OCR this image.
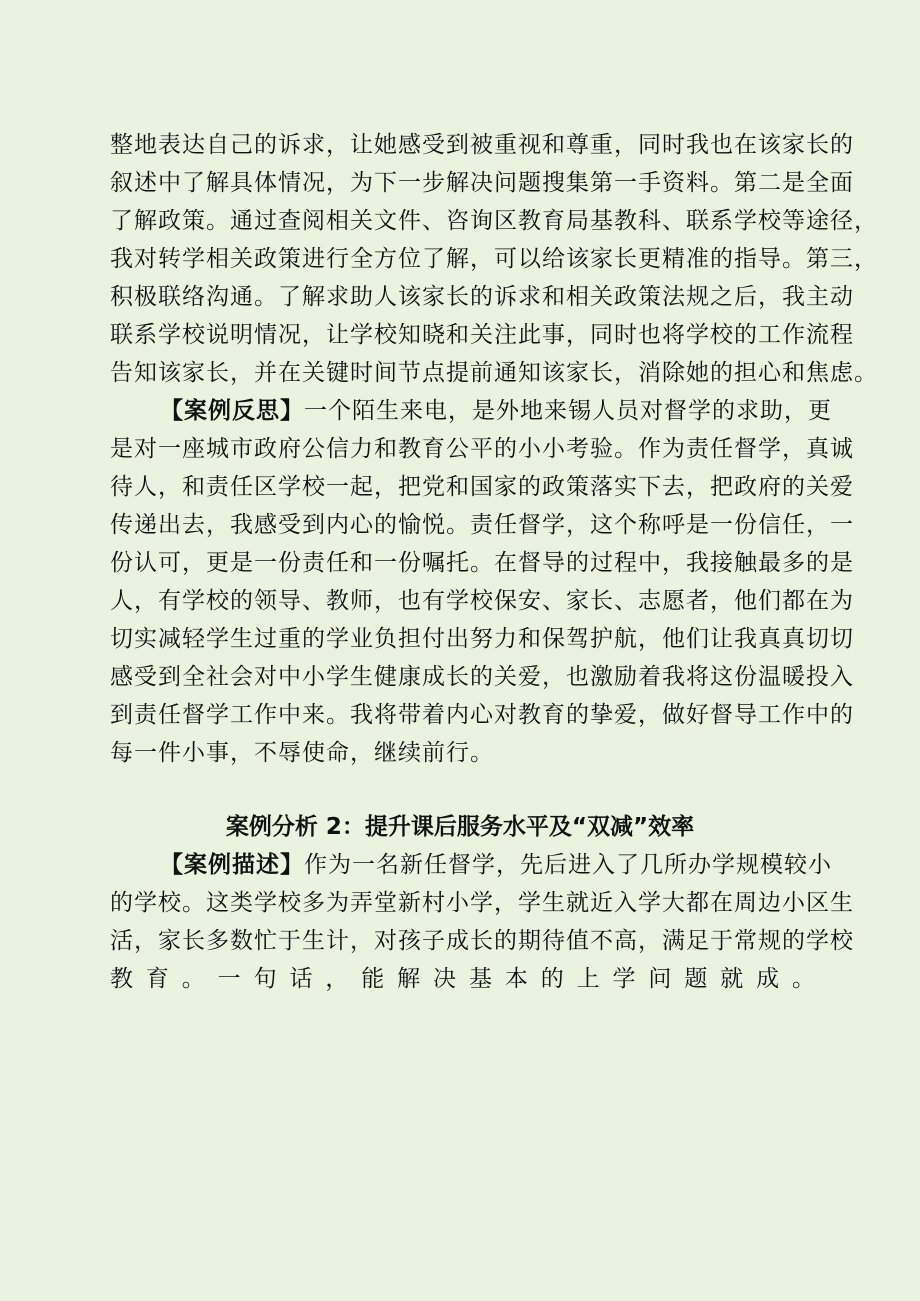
整地表达自己的诉求，让她感受到被重视和尊重，同时我也在该家长的
叙述中了解具体情况，为下一步解决问题搜集第一手资料。第二是全面
了解政策。通过查阅相关文件、咨询区教育局基教科、联系学校等途径，
我对转学相关政策进行全方位了解，可以给该家长更精准的指导。第三，
积极联络沟通。了解求助人该家长的诉求和相关政策法规之后，我主动
联系学校说明情况，让学校知晓和关注此事，同时也将学校的工作流程
告知该家长，并在关键时间节点提前通知该家长，消除她的担心和焦虑。
【案例反思】 一个陌生来电，是外地来锡人员对督学的求助，更
是对一座城市政府公信力和教育公平的小小考验。作为责任督学，真诚
待人，和责任区学校一起，把党和国家的政策落实下去，把政府的关爱
传递出去，我感受到内心的愉悦。责任督学，这个称呼是一份信任，一
份认可，更是一份责任和一份嘱托。在督导的过程中，我接触最多的是
人，有学校的领导、教师，也有学校保安、家长、志愿者，他们都在为
切实减轻学生过重的学业负担付出努力和保驾护航，他们让我真真切切
感受到全社会对中小学生健康成长的关爱，也激励着我将这份温暖投入
到责任督学工作中来。我将带着内心对教育的挚爱，做好督导工作中的
每一件小事，不辱使命，继续前行。
案例分析 2：提升课后服务水平及“双减”效率
【案例描述】 作为一名新任督学，先后进入了几所办学规模较小
的学校。这类学校多为弄堂新村小学，学生就近入学大都在周边小区生
活，家长多数忙于生计，对孩子成长的期待值不高，满足于常规的学校
教育。一句话，能解决基本的上学问题就成。
